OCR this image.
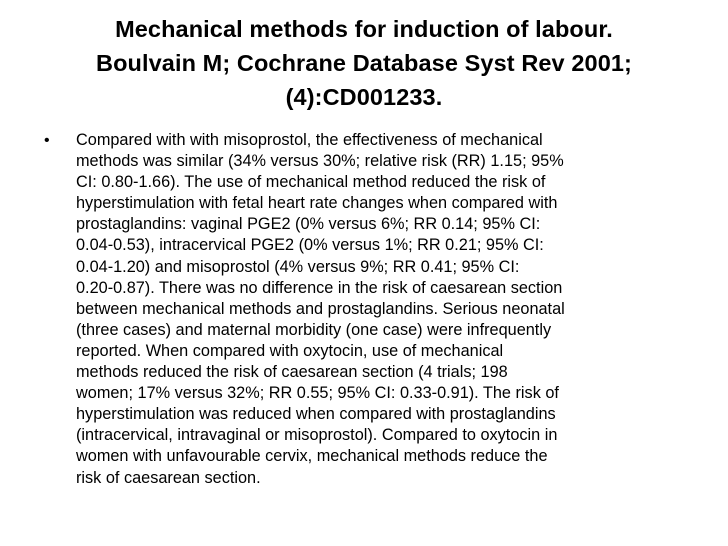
Mechanical methods for induction of labour.
Boulvain M; Cochrane Database Syst Rev 2001;
(4):CD001233.
•	Compared with with misoprostol, the effectiveness of mechanical
methods was similar (34% versus 30%; relative risk (RR) 1.15; 95%
CI: 0.80-1.66). The use of mechanical method reduced the risk of
hyperstimulation with fetal heart rate changes when compared with
prostaglandins: vaginal PGE2 (0% versus 6%; RR 0.14; 95% CI:
0.04-0.53), intracervical PGE2 (0% versus 1%; RR 0.21; 95% CI:
0.04-1.20) and misoprostol (4% versus 9%; RR 0.41; 95% CI:
0.20-0.87). There was no difference in the risk of caesarean section
between mechanical methods and prostaglandins. Serious neonatal
(three cases) and maternal morbidity (one case) were infrequently
reported. When compared with oxytocin, use of mechanical
methods reduced the risk of caesarean section (4 trials; 198
women; 17% versus 32%; RR 0.55; 95% CI: 0.33-0.91). The risk of
hyperstimulation was reduced when compared with prostaglandins
(intracervical, intravaginal or misoprostol). Compared to oxytocin in
women with unfavourable cervix, mechanical methods reduce the
risk of caesarean section.
